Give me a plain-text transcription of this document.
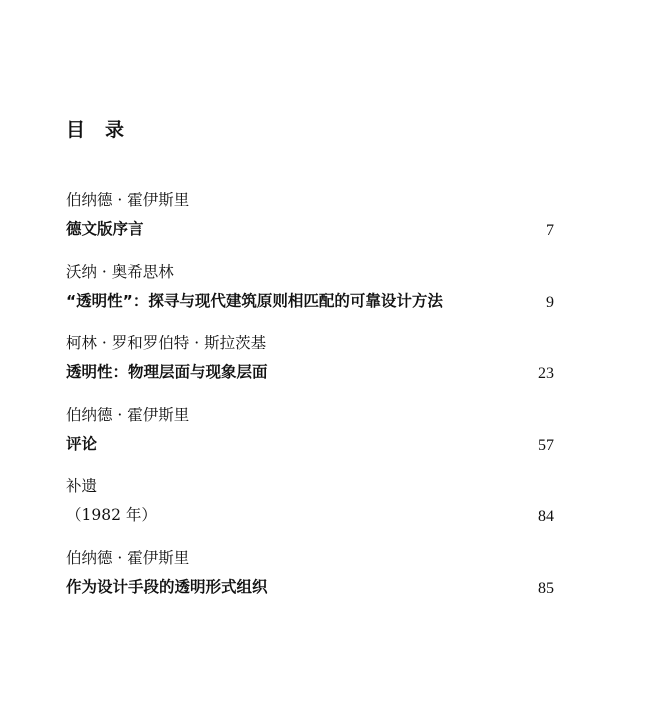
目录
伯纳德 · 霍伊斯里
德文版序言	7
沃纳 · 奥希思林
“透明性”：探寻与现代建筑原则相匹配的可靠设计方法	9
柯林 · 罗和罗伯特 · 斯拉茨基
透明性：物理层面与现象层面	23
伯纳德 · 霍伊斯里
评论	57
补遗
（1982 年）	84
伯纳德 · 霍伊斯里
作为设计手段的透明形式组织	85
